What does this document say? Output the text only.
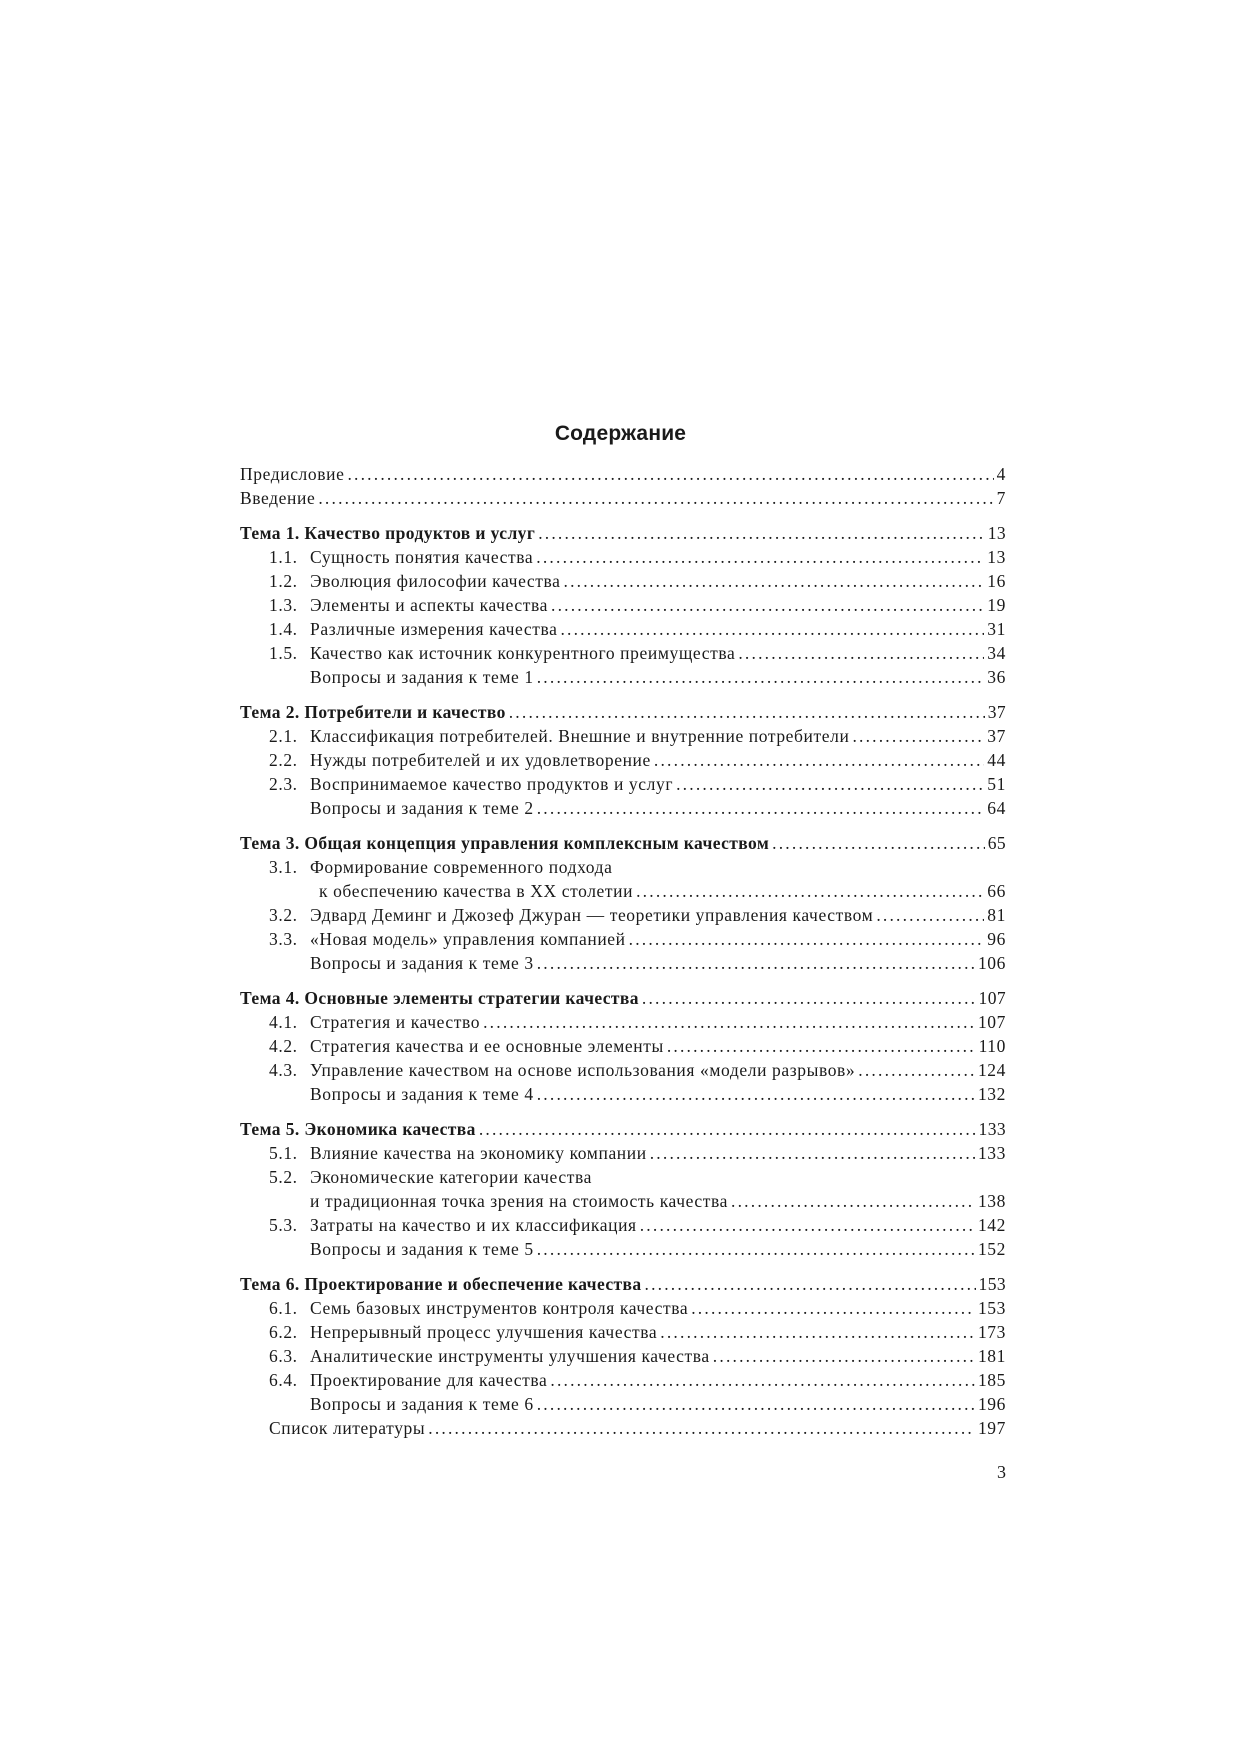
Содержание
Предисловие .....	4
Введение .....	7
Тема 1. Качество продуктов и услуг .....	13
1.1. Сущность понятия качества .....	13
1.2. Эволюция философии качества .....	16
1.3. Элементы и аспекты качества .....	19
1.4. Различные измерения качества .....	31
1.5. Качество как источник конкурентного преимущества .....	34
Вопросы и задания к теме 1 .....	36
Тема 2. Потребители и качество .....	37
2.1. Классификация потребителей. Внешние и внутренние потребители .....	37
2.2. Нужды потребителей и их удовлетворение .....	44
2.3. Воспринимаемое качество продуктов и услуг .....	51
Вопросы и задания к теме 2 .....	64
Тема 3. Общая концепция управления комплексным качеством .....	65
3.1. Формирование современного подхода
к обеспечению качества в XX столетии .....	66
3.2. Эдвард Деминг и Джозеф Джуран — теоретики управления качеством .....	81
3.3. «Новая модель» управления компанией .....	96
Вопросы и задания к теме 3 .....	106
Тема 4. Основные элементы стратегии качества .....	107
4.1. Стратегия и качество .....	107
4.2. Стратегия качества и ее основные элементы .....	110
4.3. Управление качеством на основе использования «модели разрывов» .....	124
Вопросы и задания к теме 4 .....	132
Тема 5. Экономика качества .....	133
5.1. Влияние качества на экономику компании .....	133
5.2. Экономические категории качества
и традиционная точка зрения на стоимость качества .....	138
5.3. Затраты на качество и их классификация .....	142
Вопросы и задания к теме 5 .....	152
Тема 6. Проектирование и обеспечение качества .....	153
6.1. Семь базовых инструментов контроля качества .....	153
6.2. Непрерывный процесс улучшения качества .....	173
6.3. Аналитические инструменты улучшения качества .....	181
6.4. Проектирование для качества .....	185
Вопросы и задания к теме 6 .....	196
Список литературы .....	197
3
